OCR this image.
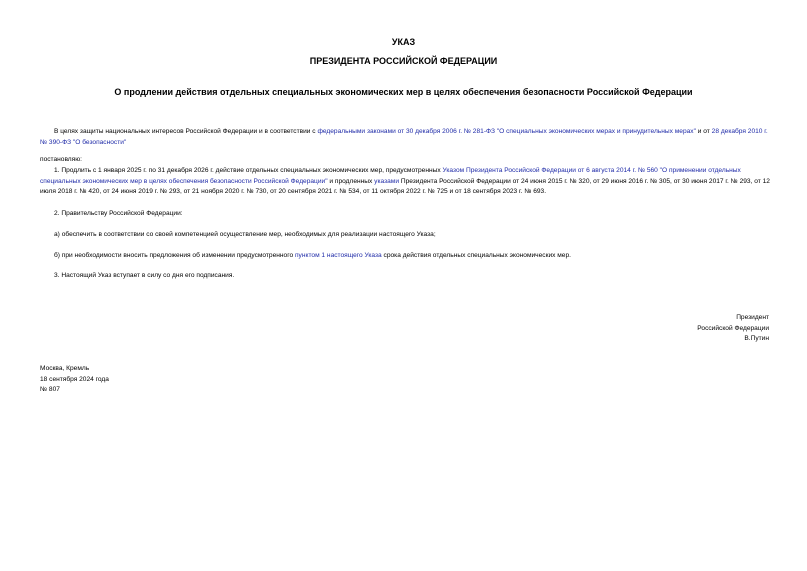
УКАЗ
ПРЕЗИДЕНТА РОССИЙСКОЙ ФЕДЕРАЦИИ
О продлении действия отдельных специальных экономических мер в целях обеспечения безопасности Российской Федерации
В целях защиты национальных интересов Российской Федерации и в соответствии с федеральными законами от 30 декабря 2006 г. № 281-ФЗ "О специальных экономических мерах и принудительных мерах" и от 28 декабря 2010 г. № 390-ФЗ "О безопасности"
постановляю:
1. Продлить с 1 января 2025 г. по 31 декабря 2026 г. действие отдельных специальных экономических мер, предусмотренных Указом Президента Российской Федерации от 6 августа 2014 г. № 560 "О применении отдельных специальных экономических мер в целях обеспечения безопасности Российской Федерации" и продленных указами Президента Российской Федерации от 24 июня 2015 г. № 320, от 29 июня 2016 г. № 305, от 30 июня 2017 г. № 293, от 12 июля 2018 г. № 420, от 24 июня 2019 г. № 293, от 21 ноября 2020 г. № 730, от 20 сентября 2021 г. № 534, от 11 октября 2022 г. № 725 и от 18 сентября 2023 г. № 693.
2. Правительству Российской Федерации:
а) обеспечить в соответствии со своей компетенцией осуществление мер, необходимых для реализации настоящего Указа;
б) при необходимости вносить предложения об изменении предусмотренного пунктом 1 настоящего Указа срока действия отдельных специальных экономических мер.
3. Настоящий Указ вступает в силу со дня его подписания.
Президент
Российской Федерации
В.Путин
Москва, Кремль
18 сентября 2024 года
№ 807
